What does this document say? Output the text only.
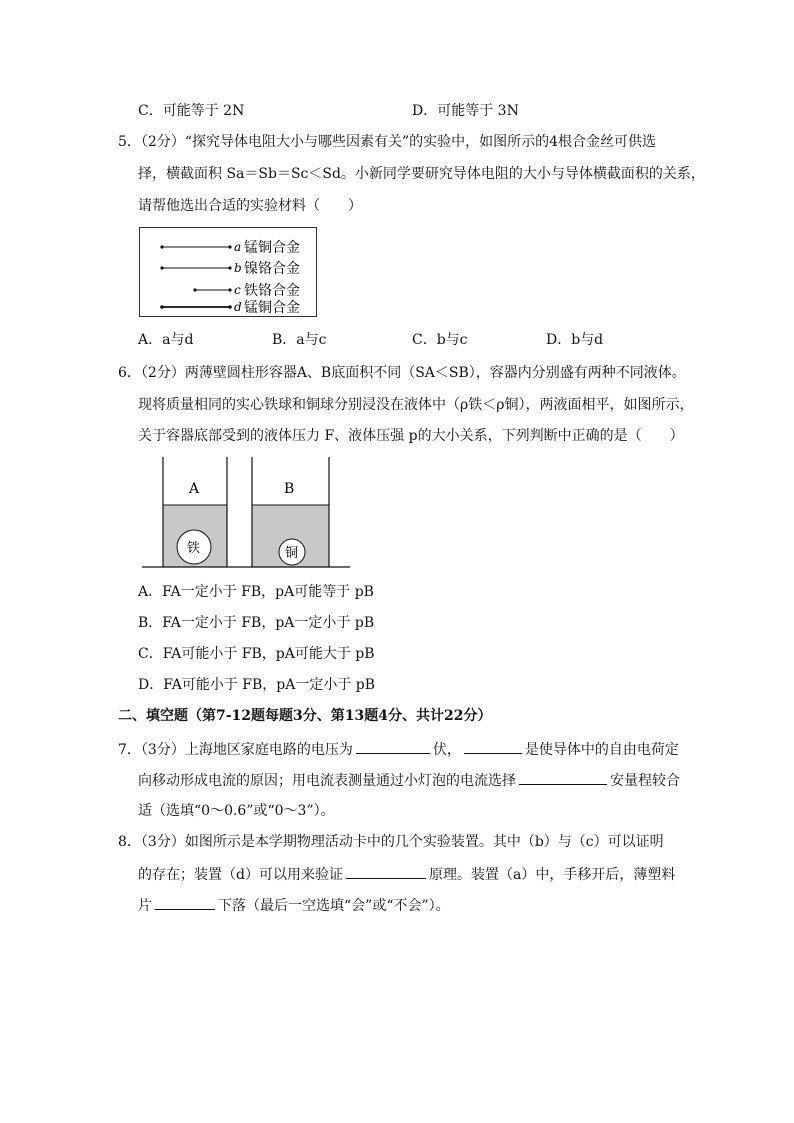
C．可能等于 2N	D．可能等于 3N
5．（2分）“探究导体电阻大小与哪些因素有关”的实验中，如图所示的4根合金丝可供选
择，横截面积 Sa＝Sb＝Sc＜Sd。小新同学要研究导体电阻的大小与导体横截面积的关系，
请帮他选出合适的实验材料（　　）
a 锰铜合金
b 镍铬合金
c 铁铬合金
d 锰铜合金
A．a与d	B．a与c	C．b与c	D．b与d
6．（2分）两薄壁圆柱形容器A、B底面积不同（SA＜SB），容器内分别盛有两种不同液体。
现将质量相同的实心铁球和铜球分别浸没在液体中（ρ铁＜ρ铜），两液面相平，如图所示，
关于容器底部受到的液体压力 F、液体压强 p的大小关系，下列判断中正确的是（　　）
A	B
铁	铜
A．FA一定小于 FB，pA可能等于 pB
B．FA一定小于 FB，pA一定小于 pB
C．FA可能小于 FB，pA可能大于 pB
D．FA可能小于 FB，pA一定小于 pB
二、填空题（第7-12题每题3分、第13题4分、共计22分）
7．（3分）上海地区家庭电路的电压为	伏，	是使导体中的自由电荷定
向移动形成电流的原因；用电流表测量通过小灯泡的电流选择	安量程较合
适（选填“0～0.6”或“0～3”）。
8．（3分）如图所示是本学期物理活动卡中的几个实验装置。其中（b）与（c）可以证明
的存在；装置（d）可以用来验证	原理。装置（a）中，手移开后，薄塑料
片	下落（最后一空选填“会”或“不会”）。
